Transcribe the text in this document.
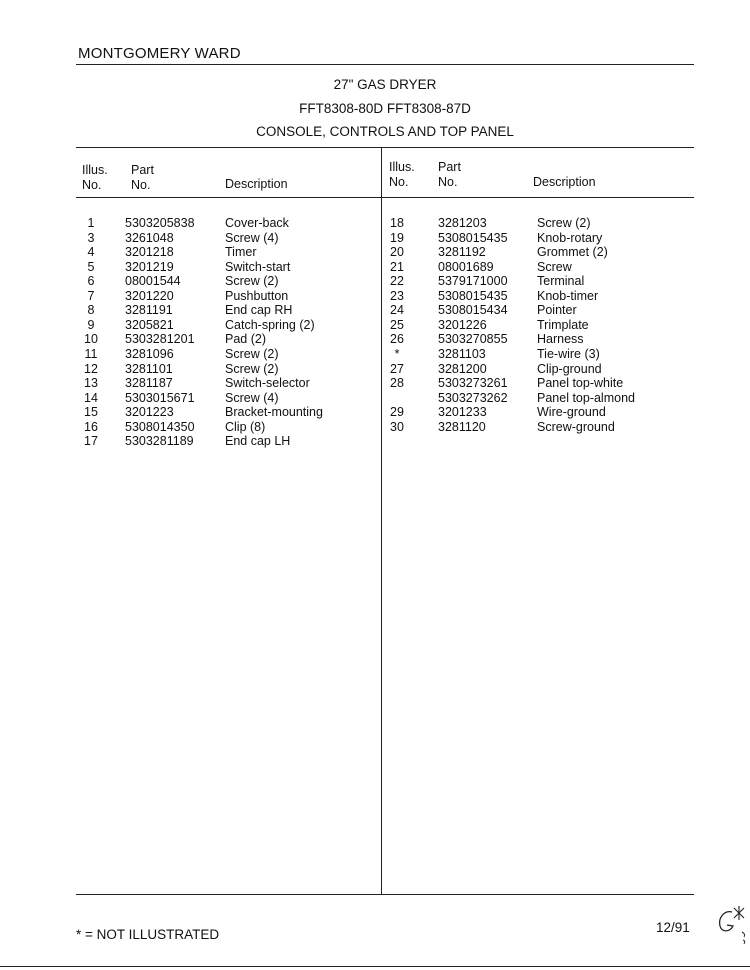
MONTGOMERY WARD
27" GAS DRYER
FFT8308-80D FFT8308-87D
CONSOLE, CONTROLS AND TOP PANEL
Illus.
No.
Part
No.	Description
Illus.
No.
Part
No.	Description
1	5303205838 Cover-back
3	3261048	Screw (4)
4	3201218	Timer
5	3201219	Switch-start
6	08001544	Screw (2)
7	3201220	Pushbutton
8	3281191	End cap RH
9	3205821	Catch-spring (2)
10	5303281201 Pad (2)
11	3281096	Screw (2)
12	3281101	Screw (2)
13	3281187	Switch-selector
14	5303015671 Screw (4)
15	3201223	Bracket-mounting
16	5308014350 Clip (8)
17	5303281189	End cap LH
18	3281203	Screw (2)
19	5308015435 Knob-rotary
20	3281192	Grommet (2)
21	08001689	Screw
22	5379171000 Terminal
23	5308015435 Knob-timer
24	5308015434 Pointer
25	3201226	Trimplate
26	5303270855 Harness
*	3281103	Tie-wire (3)
27	3281200	Clip-ground
28	5303273261 Panel top-white
5303273262 Panel top-almond
29	3201233	Wire-ground
30	3281120	Screw-ground
* = NOT ILLUSTRATED	12/91
